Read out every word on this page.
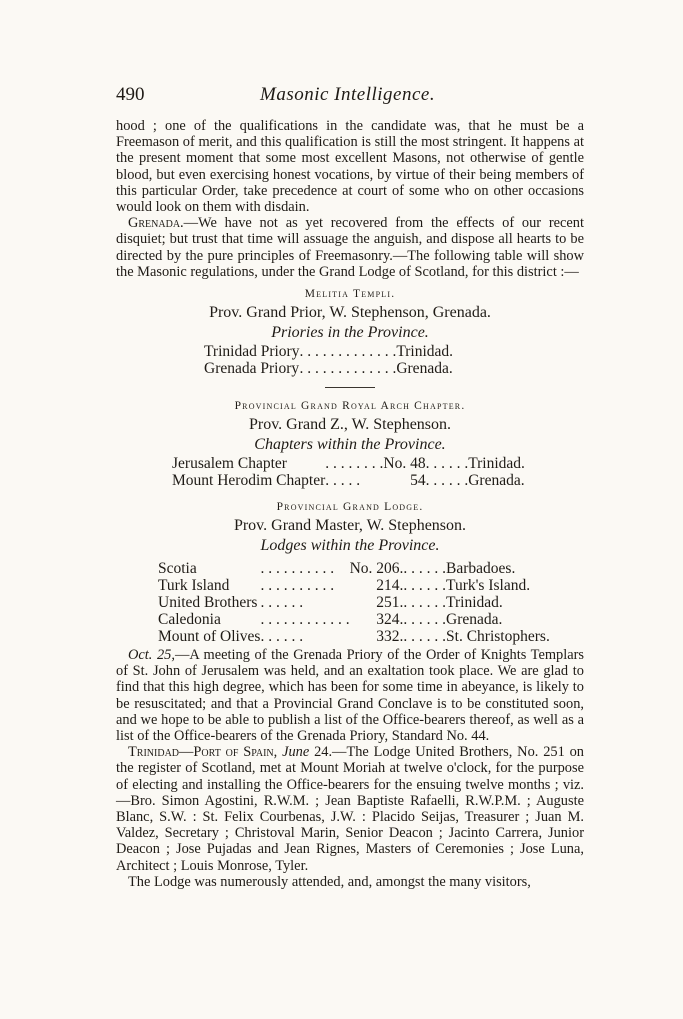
490	Masonic Intelligence.

hood ; one of the qualifications in the candidate was, that he must be a Freemason of merit, and this qualification is still the most stringent. It happens at the present moment that some most excellent Masons, not otherwise of gentle blood, but even exercising honest vocations, by virtue of their being members of this particular Order, take precedence at court of some who on other occasions would look on them with disdain.

Grenada.—We have not as yet recovered from the effects of our recent disquiet; but trust that time will assuage the anguish, and dispose all hearts to be directed by the pure principles of Freemasonry.—The following table will show the Masonic regulations, under the Grand Lodge of Scotland, for this district :—

Melitia Templi.
Prov. Grand Prior, W. Stephenson, Grenada.
Priories in the Province.
Trinidad Priory	. . . . . . . . . . . . .	Trinidad.
Grenada Priory	. . . . . . . . . . . . .	Grenada.
Provincial Grand Royal Arch Chapter.
Prov. Grand Z., W. Stephenson.
Chapters within the Province.
Jerusalem Chapter	. . . . . . . .	No. 48	. . . . . .	Trinidad.
Mount Herodim Chapter	. . . . .	54	. . . . . .	Grenada.
Provincial Grand Lodge.
Prov. Grand Master, W. Stephenson.
Lodges within the Province.
Scotia	. . . . . . . . . .	No. 206.	. . . . . .	Barbadoes.
Turk Island	. . . . . . . . . .	214.	. . . . . .	Turk's Island.
United Brothers	. . . . . .	251.	. . . . . .	Trinidad.
Caledonia	. . . . . . . . . . . .	324.	. . . . . .	Grenada.
Mount of Olives	. . . . . .	332.	. . . . . .	St. Christophers.

Oct. 25,—A meeting of the Grenada Priory of the Order of Knights Templars of St. John of Jerusalem was held, and an exaltation took place. We are glad to find that this high degree, which has been for some time in abeyance, is likely to be resuscitated; and that a Provincial Grand Conclave is to be constituted soon, and we hope to be able to publish a list of the Office-bearers thereof, as well as a list of the Office-bearers of the Grenada Priory, Standard No. 44.

Trinidad—Port of Spain, June 24.—The Lodge United Brothers, No. 251 on the register of Scotland, met at Mount Moriah at twelve o'clock, for the purpose of electing and installing the Office-bearers for the ensuing twelve months ; viz.—Bro. Simon Agostini, R.W.M. ; Jean Baptiste Rafaelli, R.W.P.M. ; Auguste Blanc, S.W. : St. Felix Courbenas, J.W. : Placido Seijas, Treasurer ; Juan M. Valdez, Secretary ; Christoval Marin, Senior Deacon ; Jacinto Carrera, Junior Deacon ; Jose Pujadas and Jean Rignes, Masters of Ceremonies ; Jose Luna, Architect ; Louis Monrose, Tyler.

The Lodge was numerously attended, and, amongst the many visitors,
